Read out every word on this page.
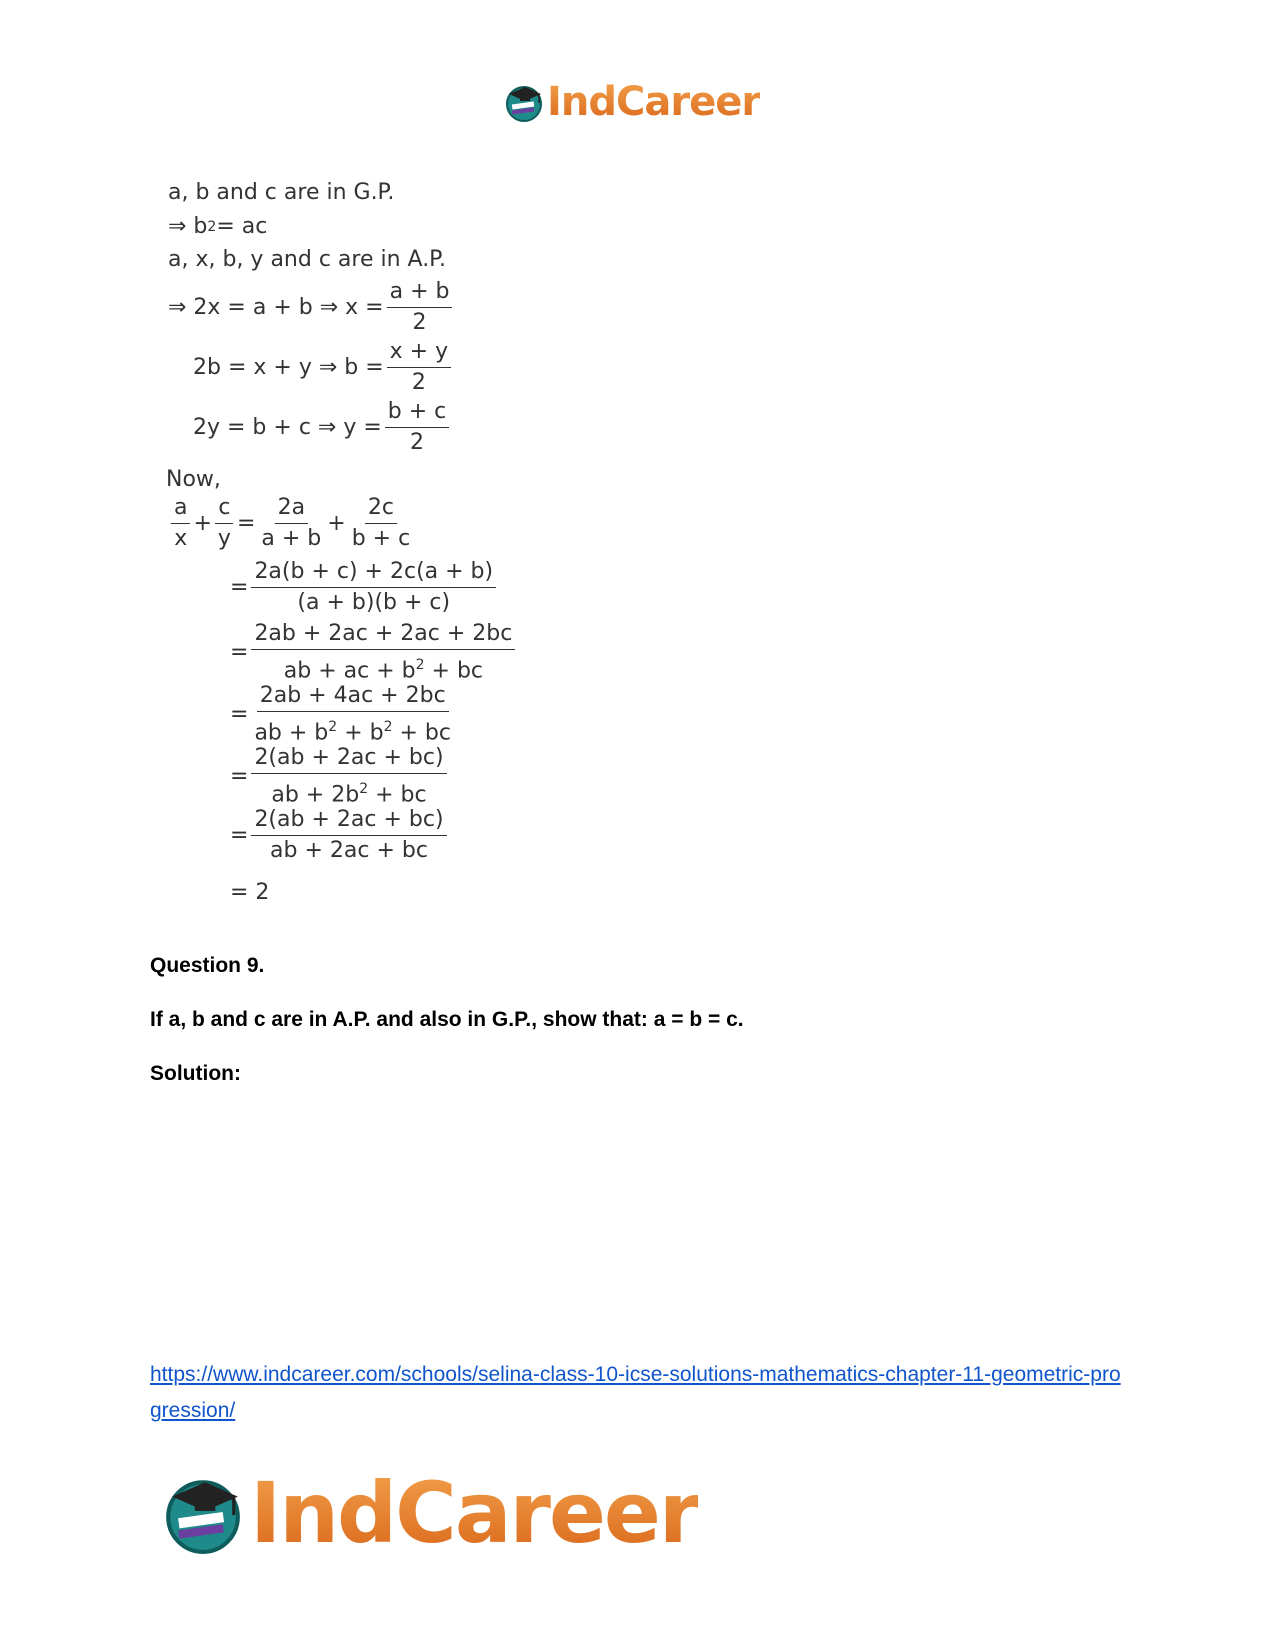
IndCareer
a, b and c are in G.P.
⇒ b 2 = ac
a, x, b, y and c are in A.P.
⇒ 2x = a + b ⇒ $x = \frac{a + b}{2}$
2b = x + y ⇒ $b = \frac{x + y}{2}$
2y = b + c ⇒ $y = \frac{b + c}{2}$
Now,
$\frac{a}{x} + \frac{c}{y} = \frac{2a}{a + b} + \frac{2c}{b + c}$
= $\frac{2a(b + c) + 2c(a + b)}{(a + b)(b + c)}$
= $\frac{2ab + 2ac + 2ac + 2bc}{ab + ac + b^2 + bc}$
= $\frac{2ab + 4ac + 2bc}{ab + b^2 + b^2 + bc}$
= $\frac{2(ab + 2ac + bc)}{ab + 2b^2 + bc}$
= $\frac{2(ab + 2ac + bc)}{ab + 2ac + bc}$
= 2
Question 9.
If a, b and c are in A.P. and also in G.P., show that: a = b = c.
Solution:
https://www.indcareer.com/schools/selina-class-10-icse-solutions-mathematics-chapter-11-geometric-progression/
IndCareer
